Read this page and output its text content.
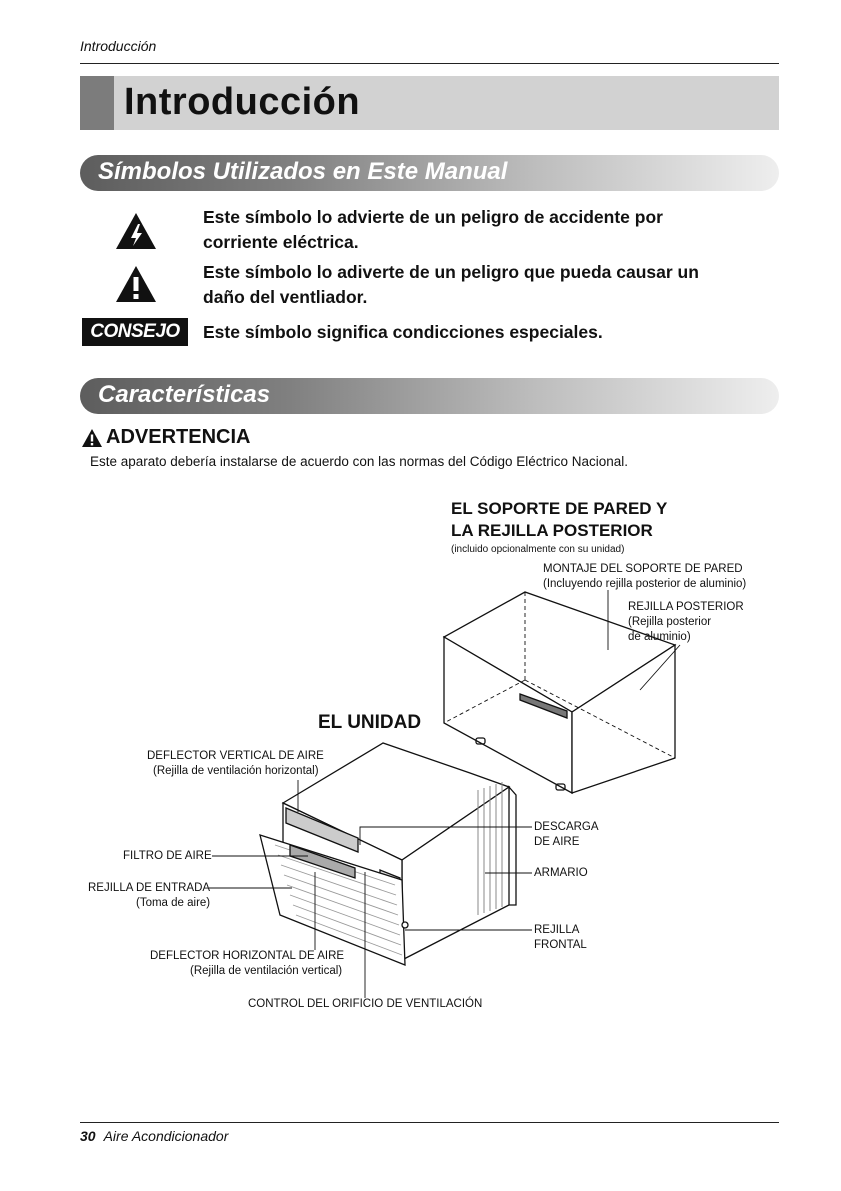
Introducción
Introducción
Símbolos Utilizados en Este Manual
Este símbolo lo advierte de un peligro de accidente por
corriente eléctrica.
Este símbolo lo adiverte de un peligro que pueda causar un
daño del ventliador.
CONSEJO	Este símbolo significa condicciones especiales.
Características
ADVERTENCIA
Este aparato debería instalarse de acuerdo con las normas del Código Eléctrico Nacional.
EL SOPORTE DE PARED Y
LA REJILLA POSTERIOR
(incluido opcionalmente con su unidad)
MONTAJE DEL SOPORTE DE PARED
(Incluyendo rejilla posterior de aluminio)
REJILLA POSTERIOR
(Rejilla posterior
de aluminio)
EL UNIDAD
DEFLECTOR VERTICAL DE AIRE
(Rejilla de ventilación horizontal)
FILTRO DE AIRE
REJILLA DE ENTRADA
(Toma de aire)
DEFLECTOR HORIZONTAL DE AIRE
(Rejilla de ventilación vertical)
CONTROL DEL ORIFICIO DE VENTILACIÓN
DESCARGA
DE AIRE
ARMARIO
REJILLA
FRONTAL
30 Aire Acondicionador
